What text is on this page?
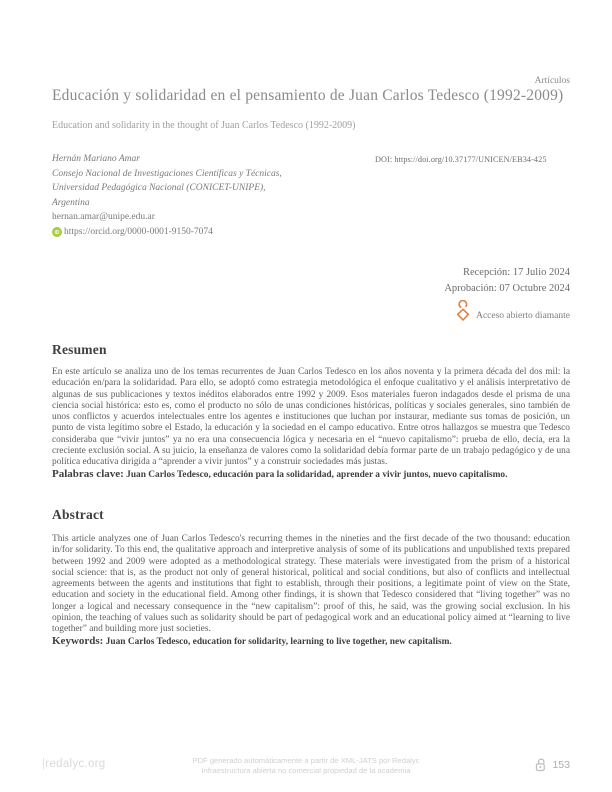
Artículos
Educación y solidaridad en el pensamiento de Juan Carlos Tedesco (1992-2009)
Education and solidarity in the thought of Juan Carlos Tedesco (1992-2009)
Hernán Mariano Amar
Consejo Nacional de Investigaciones Científicas y Técnicas,
Universidad Pedagógica Nacional (CONICET-UNIPE),
Argentina
hernan.amar@unipe.edu.ar
iD https://orcid.org/0000-0001-9150-7074
DOI: https://doi.org/10.37177/UNICEN/EB34-425
Recepción: 17 Julio 2024
Aprobación: 07 Octubre 2024
Acceso abierto diamante
Resumen

En este artículo se analiza uno de los temas recurrentes de Juan Carlos Tedesco en los años noventa y la primera década del dos mil: la educación en/para la solidaridad. Para ello, se adoptó como estrategia metodológica el enfoque cualitativo y el análisis interpretativo de algunas de sus publicaciones y textos inéditos elaborados entre 1992 y 2009. Esos materiales fueron indagados desde el prisma de una ciencia social histórica: esto es, como el producto no sólo de unas condiciones históricas, políticas y sociales generales, sino también de unos conflictos y acuerdos intelectuales entre los agentes e instituciones que luchan por instaurar, mediante sus tomas de posición, un punto de vista legítimo sobre el Estado, la educación y la sociedad en el campo educativo. Entre otros hallazgos se muestra que Tedesco consideraba que “vivir juntos” ya no era una consecuencia lógica y necesaria en el “nuevo capitalismo”: prueba de ello, decía, era la creciente exclusión social. A su juicio, la enseñanza de valores como la solidaridad debía formar parte de un trabajo pedagógico y de una política educativa dirigida a “aprender a vivir juntos” y a construir sociedades más justas.

Palabras clave: Juan Carlos Tedesco, educación para la solidaridad, aprender a vivir juntos, nuevo capitalismo.

Abstract

This article analyzes one of Juan Carlos Tedesco's recurring themes in the nineties and the first decade of the two thousand: education in/for solidarity. To this end, the qualitative approach and interpretive analysis of some of its publications and unpublished texts prepared between 1992 and 2009 were adopted as a methodological strategy. These materials were investigated from the prism of a historical social science: that is, as the product not only of general historical, political and social conditions, but also of conflicts and intellectual agreements between the agents and institutions that fight to establish, through their positions, a legitimate point of view on the State, education and society in the educational field. Among other findings, it is shown that Tedesco considered that “living together” was no longer a logical and necessary consequence in the “new capitalism”: proof of this, he said, was the growing social exclusion. In his opinion, the teaching of values such as solidarity should be part of pedagogical work and an educational policy aimed at “learning to live together” and building more just societies.

Keywords: Juan Carlos Tedesco, education for solidarity, learning to live together, new capitalism.

|redalyc.org	PDF generado automáticamente a partir de XML-JATS por Redalyc
Infraestructura abierta no comercial propiedad de la academia	153
